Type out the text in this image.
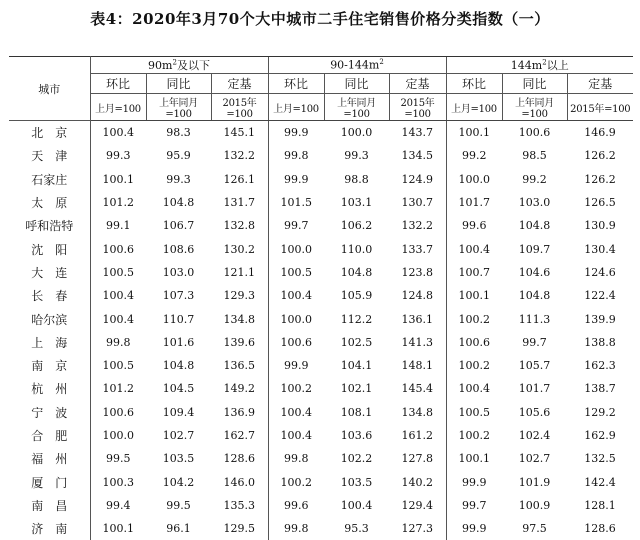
表4：2020年3月70个大中城市二手住宅销售价格分类指数（一）
城市	$90m^2$及以下			$90-144m^2$			$144m^2$以上		
	环比	同比	定基	环比	同比	定基	环比	同比	定基
	上月=100	上年同月=100	2015年=100	上月=100	上年同月=100	2015年=100	上月=100	上年同月=100	2015年=100
北　京	100.4	98.3	145.1	99.9	100.0	143.7	100.1	100.6	146.9
天　津	99.3	95.9	132.2	99.8	99.3	134.5	99.2	98.5	126.2
石家庄	100.1	99.3	126.1	99.9	98.8	124.9	100.0	99.2	126.2
太　原	101.2	104.8	131.7	101.5	103.1	130.7	101.7	103.0	126.5
呼和浩特	99.1	106.7	132.8	99.7	106.2	132.2	99.6	104.8	130.9
沈　阳	100.6	108.6	130.2	100.0	110.0	133.7	100.4	109.7	130.4
大　连	100.5	103.0	121.1	100.5	104.8	123.8	100.7	104.6	124.6
长　春	100.4	107.3	129.3	100.4	105.9	124.8	100.1	104.8	122.4
哈尔滨	100.4	110.7	134.8	100.0	112.2	136.1	100.2	111.3	139.9
上　海	99.8	101.6	139.6	100.6	102.5	141.3	100.6	99.7	138.8
南　京	100.5	104.8	136.5	99.9	104.1	148.1	100.2	105.7	162.3
杭　州	101.2	104.5	149.2	100.2	102.1	145.4	100.4	101.7	138.7
宁　波	100.6	109.4	136.9	100.4	108.1	134.8	100.5	105.6	129.2
合　肥	100.0	102.7	162.7	100.4	103.6	161.2	100.2	102.4	162.9
福　州	99.5	103.5	128.6	99.8	102.2	127.8	100.1	102.7	132.5
厦　门	100.3	104.2	146.0	100.2	103.5	140.2	99.9	101.9	142.4
南　昌	99.4	99.5	135.3	99.6	100.4	129.4	99.7	100.9	128.1
济　南	100.1	96.1	129.5	99.8	95.3	127.3	99.9	97.5	128.6
